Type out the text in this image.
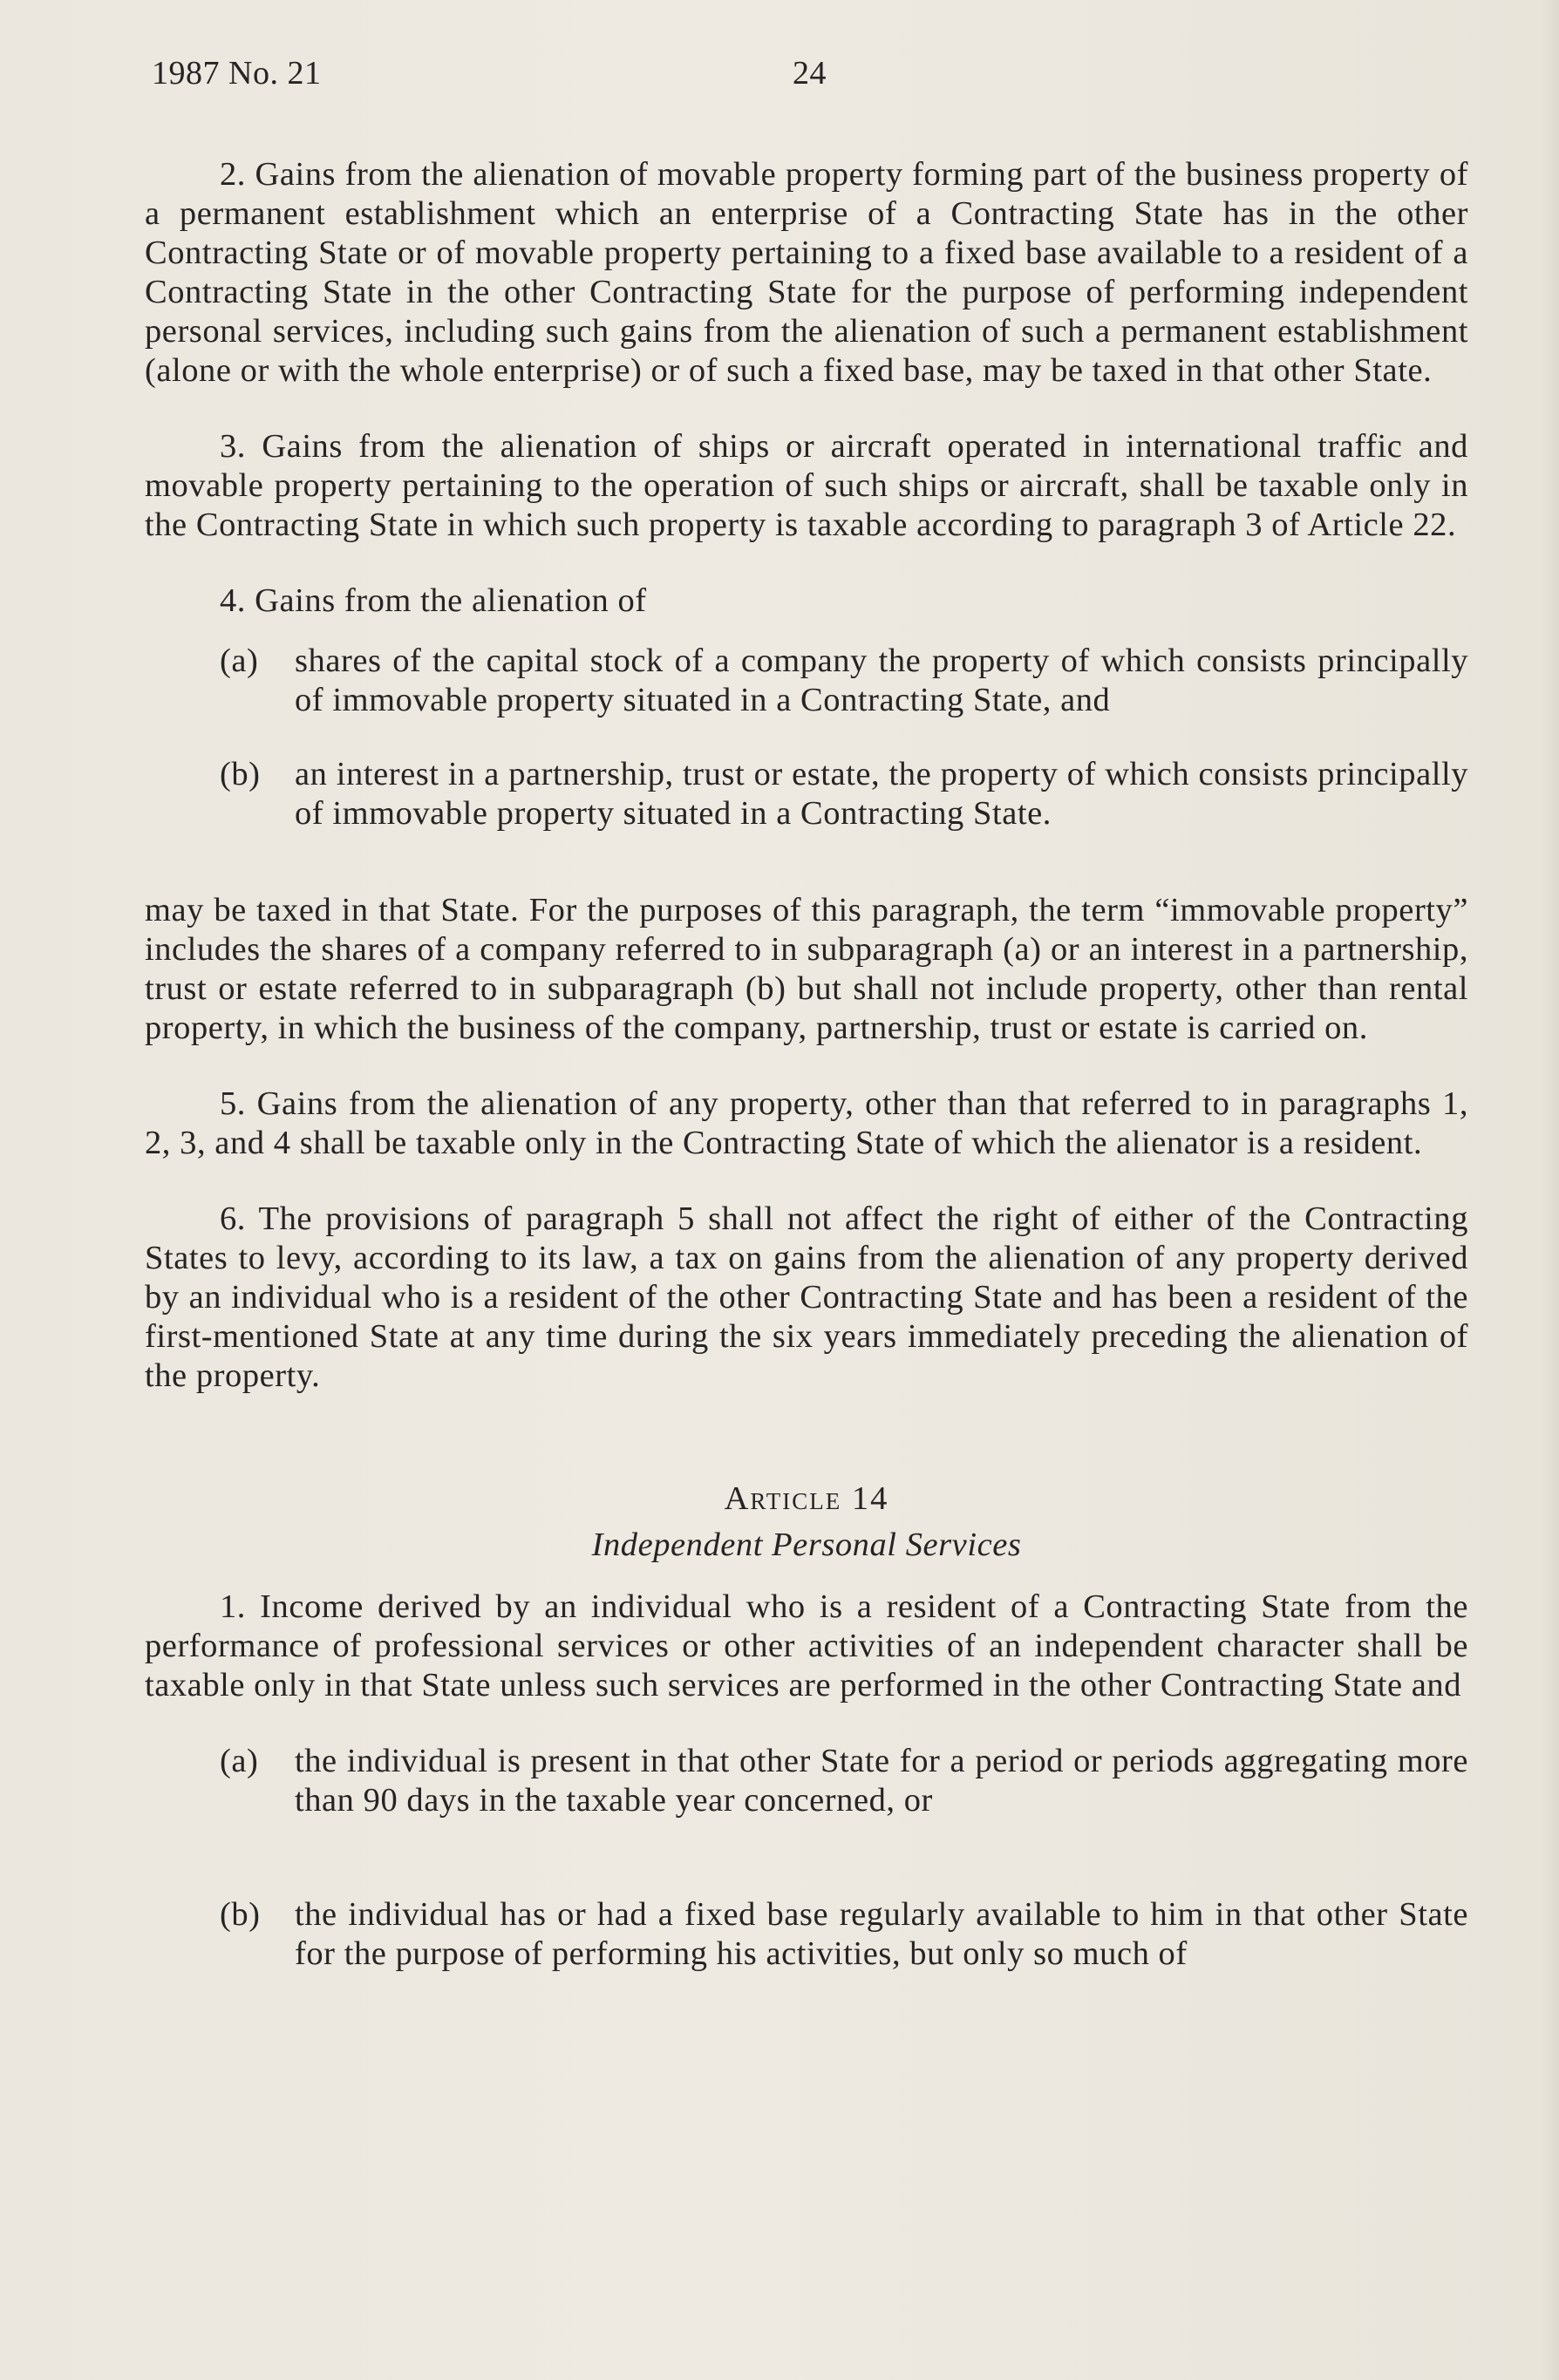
1987 No. 21	24

2. Gains from the alienation of movable property forming part of the business property of a permanent establishment which an enterprise of a Contracting State has in the other Contracting State or of movable property pertaining to a fixed base available to a resident of a Contracting State in the other Contracting State for the purpose of performing independent personal services, including such gains from the alienation of such a permanent establishment (alone or with the whole enterprise) or of such a fixed base, may be taxed in that other State.

3. Gains from the alienation of ships or aircraft operated in international traffic and movable property pertaining to the operation of such ships or aircraft, shall be taxable only in the Contracting State in which such property is taxable according to paragraph 3 of Article 22.

4. Gains from the alienation of

(a)	shares of the capital stock of a company the property of which consists principally of immovable property situated in a Contracting State, and
(b)	an interest in a partnership, trust or estate, the property of which consists principally of immovable property situated in a Contracting State.

may be taxed in that State. For the purposes of this paragraph, the term “immovable property” includes the shares of a company referred to in subparagraph (a) or an interest in a partnership, trust or estate referred to in subparagraph (b) but shall not include property, other than rental property, in which the business of the company, partnership, trust or estate is carried on.

5. Gains from the alienation of any property, other than that referred to in paragraphs 1, 2, 3, and 4 shall be taxable only in the Contracting State of which the alienator is a resident.

6. The provisions of paragraph 5 shall not affect the right of either of the Contracting States to levy, according to its law, a tax on gains from the alienation of any property derived by an individual who is a resident of the other Contracting State and has been a resident of the first-mentioned State at any time during the six years immediately preceding the alienation of the property.

Article 14
Independent Personal Services

1. Income derived by an individual who is a resident of a Contracting State from the performance of professional services or other activities of an independent character shall be taxable only in that State unless such services are performed in the other Contracting State and

(a)	the individual is present in that other State for a period or periods aggregating more than 90 days in the taxable year concerned, or
(b)	the individual has or had a fixed base regularly available to him in that other State for the purpose of performing his activities, but only so much of
